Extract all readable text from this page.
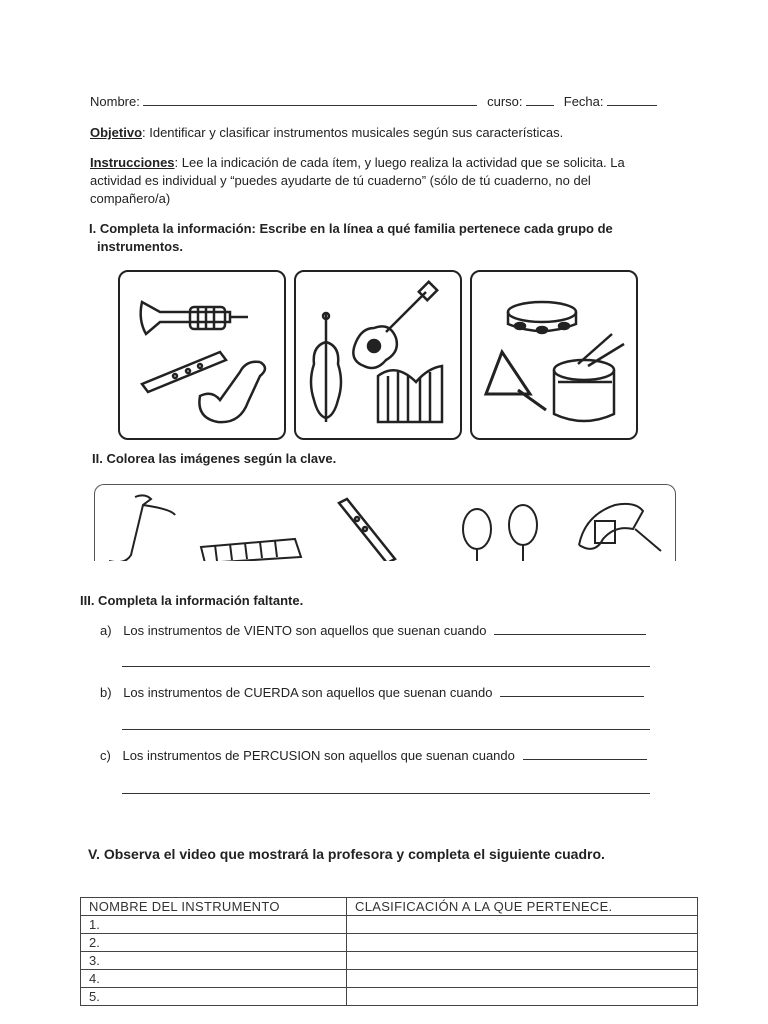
Nombre:	curso:	Fecha:
Objetivo: Identificar y clasificar instrumentos musicales según sus características.
Instrucciones: Lee la indicación de cada ítem, y luego realiza la actividad que se solicita. La
actividad es individual y “puedes ayudarte de tú cuaderno” (sólo de tú cuaderno, no del
compañero/a)
I. Completa la información: Escribe en la línea a qué familia pertenece cada grupo de
instrumentos.
II. Colorea las imágenes según la clave.
III. Completa la información faltante.
a) Los instrumentos de VIENTO son aquellos que suenan cuando
b) Los instrumentos de CUERDA son aquellos que suenan cuando
c) Los instrumentos de PERCUSION son aquellos que suenan cuando
V. Observa el video que mostrará la profesora y completa el siguiente cuadro.
NOMBRE DEL INSTRUMENTO	CLASIFICACIÓN A LA QUE PERTENECE.
1.	
2.	
3.	
4.	
5.	
